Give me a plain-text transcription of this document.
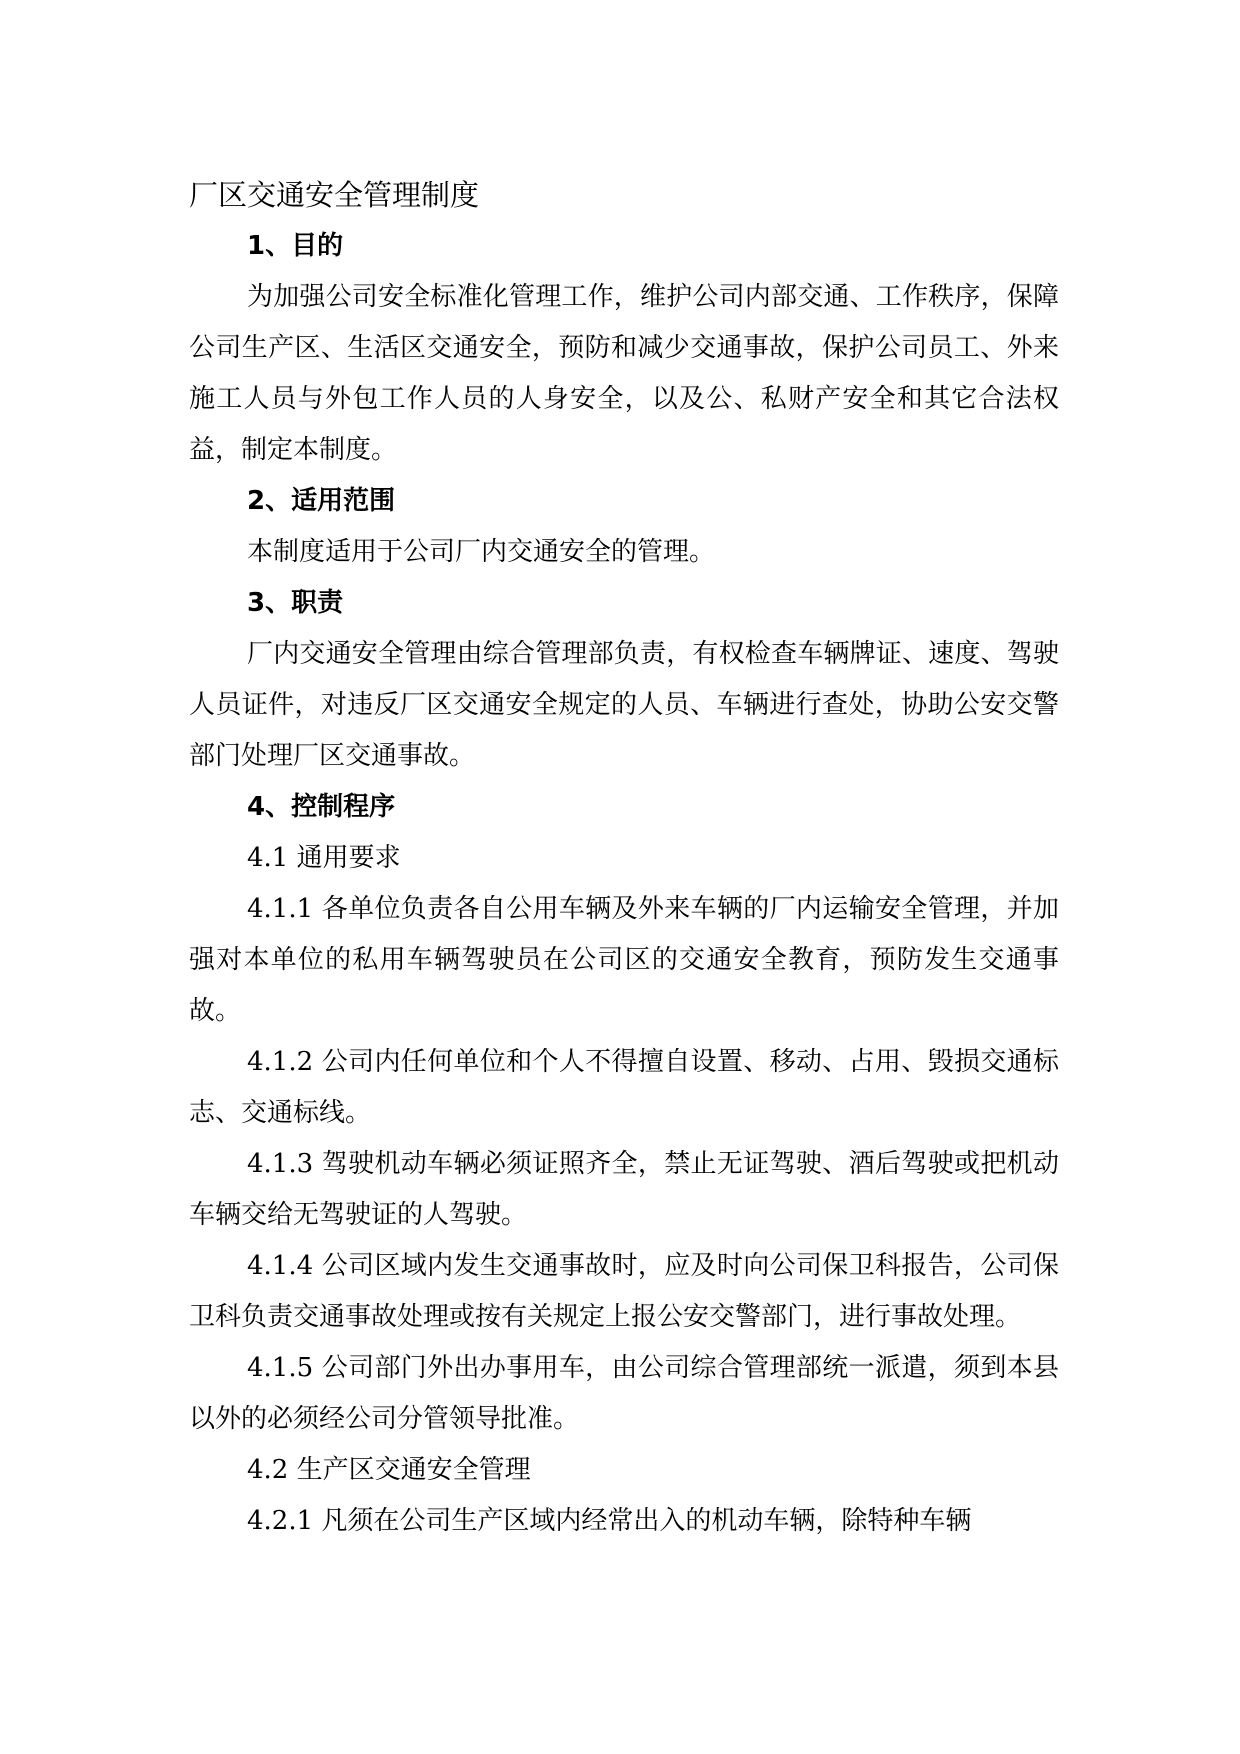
厂区交通安全管理制度

1、目的

为加强公司安全标准化管理工作，维护公司内部交通、工作秩序，保障公司生产区、生活区交通安全，预防和减少交通事故，保护公司员工、外来施工人员与外包工作人员的人身安全，以及公、私财产安全和其它合法权益，制定本制度。

2、适用范围

本制度适用于公司厂内交通安全的管理。

3、职责

厂内交通安全管理由综合管理部负责，有权检查车辆牌证、速度、驾驶人员证件，对违反厂区交通安全规定的人员、车辆进行查处，协助公安交警部门处理厂区交通事故。

4、控制程序

4.1 通用要求

4.1.1 各单位负责各自公用车辆及外来车辆的厂内运输安全管理，并加强对本单位的私用车辆驾驶员在公司区的交通安全教育，预防发生交通事故。

4.1.2 公司内任何单位和个人不得擅自设置、移动、占用、毁损交通标志、交通标线。

4.1.3 驾驶机动车辆必须证照齐全，禁止无证驾驶、酒后驾驶或把机动车辆交给无驾驶证的人驾驶。

4.1.4 公司区域内发生交通事故时，应及时向公司保卫科报告，公司保卫科负责交通事故处理或按有关规定上报公安交警部门，进行事故处理。

4.1.5 公司部门外出办事用车，由公司综合管理部统一派遣，须到本县以外的必须经公司分管领导批准。

4.2 生产区交通安全管理

4.2.1 凡须在公司生产区域内经常出入的机动车辆，除特种车辆
